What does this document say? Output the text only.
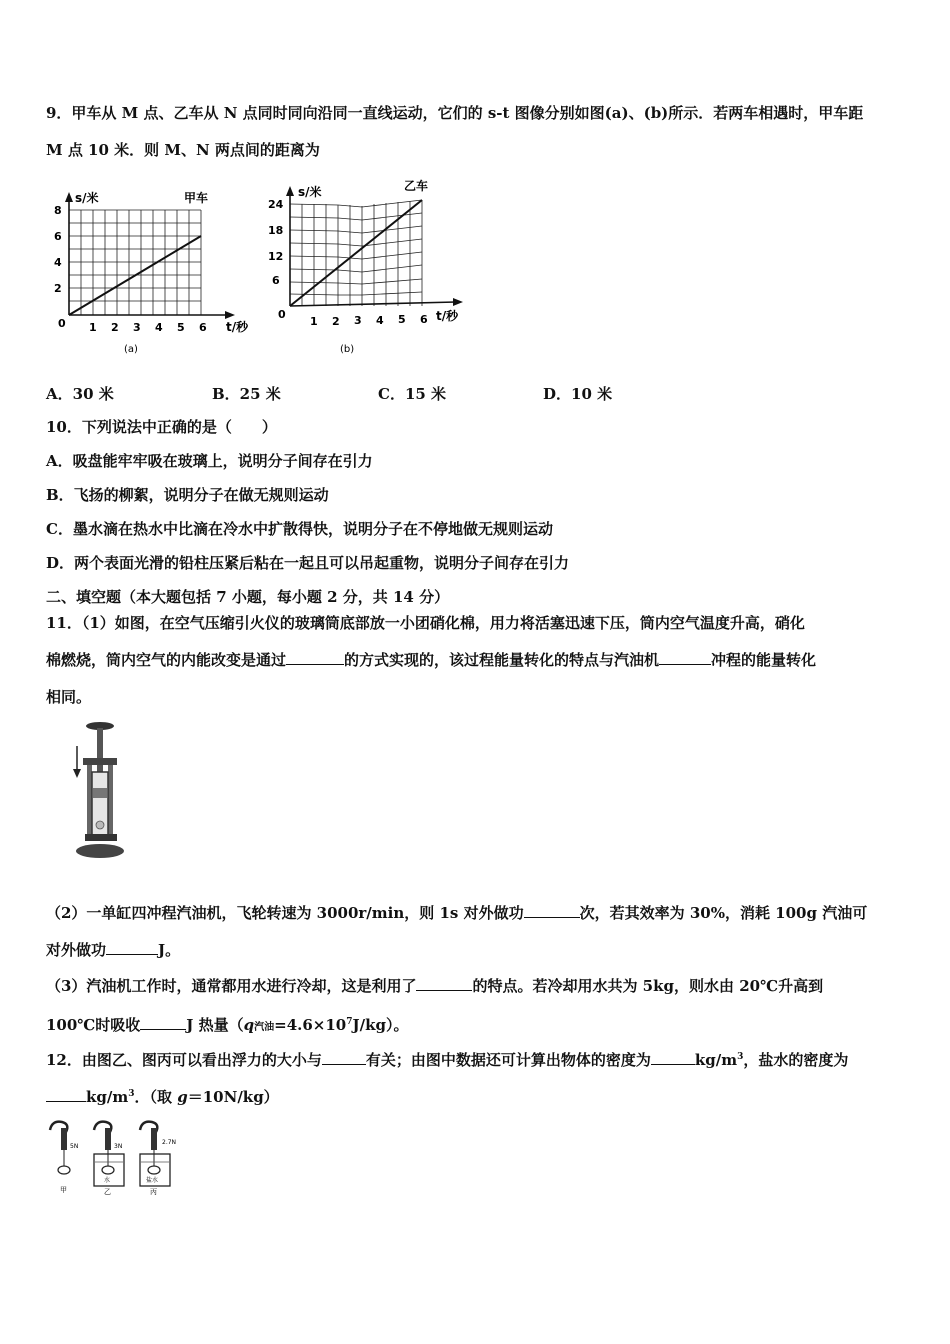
9．甲车从 M 点、乙车从 N 点同时同向沿同一直线运动，它们的 s-t 图像分别如图(a)、(b)所示．若两车相遇时，甲车距
M 点 10 米．则 M、N 两点间的距离为
s/米	甲车
0
2
4
6
8
1 2 3 4 5 6 t/秒
(a)
s/米	乙车
0
6
12
18
24
1 2 3 4 5 6 t/秒
(b)
A．30 米	B．25 米	C．15 米	D．10 米
10．下列说法中正确的是（　　）
A．吸盘能牢牢吸在玻璃上，说明分子间存在引力
B．飞扬的柳絮，说明分子在做无规则运动
C．墨水滴在热水中比滴在冷水中扩散得快，说明分子在不停地做无规则运动
D．两个表面光滑的铅柱压紧后粘在一起且可以吊起重物，说明分子间存在引力
二、填空题（本大题包括 7 小题，每小题 2 分，共 14 分）
11．（1）如图，在空气压缩引火仪的玻璃筒底部放一小团硝化棉，用力将活塞迅速下压，筒内空气温度升高，硝化
棉燃烧，筒内空气的内能改变是通过	的方式实现的，该过程能量转化的特点与汽油机	冲程的能量转化
相同。
（2）一单缸四冲程汽油机，飞轮转速为 3000r/min，则 1s 对外做功	次，若其效率为 30%，消耗 100g 汽油可
对外做功	J。
（3）汽油机工作时，通常都用水进行冷却，这是利用了	的特点。若冷却用水共为 5kg，则水由 20℃升高到
100℃时吸收	J 热量（q汽油$=4.6\times 10^7J/kg$）。
12．由图乙、图丙可以看出浮力的大小与	有关；由图中数据还可计算出物体的密度为	$kg/m^3$，盐水的密度为
$kg/m^3$．（取 g＝10N/kg）
5N
甲
3N
水
乙
2.7N
盐水
丙
